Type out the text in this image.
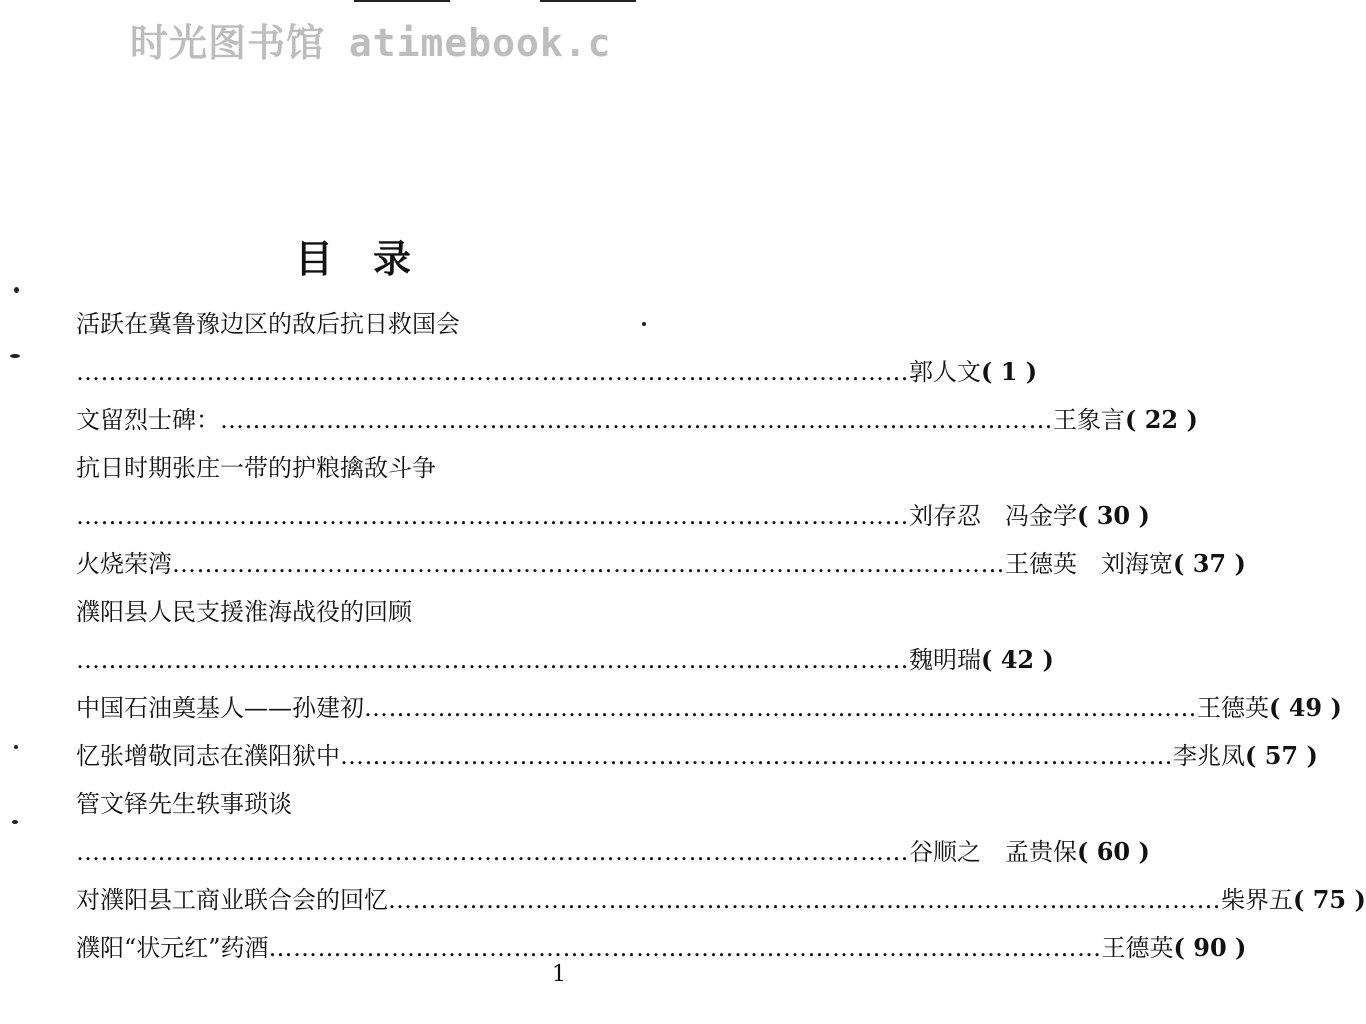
时光图书馆 atimebook.c
目录
活跃在冀鲁豫边区的敌后抗日救国会
………………………………………………………………………………………… 郭人文 ( 1 )
文留烈士碑： ………………………………………………………………………………………… 王象言 ( 22 )
抗日时期张庄一带的护粮擒敌斗争
………………………………………………………………………………………… 刘存忍　冯金学 ( 30 )
火烧荣湾 ………………………………………………………………………………………… 王德英　刘海宽 ( 37 )
濮阳县人民支援淮海战役的回顾
………………………………………………………………………………………… 魏明瑞 ( 42 )
中国石油奠基人——孙建初 ………………………………………………………………………………………… 王德英 ( 49 )
忆张增敬同志在濮阳狱中 ………………………………………………………………………………………… 李兆凤 ( 57 )
管文铎先生轶事琐谈
………………………………………………………………………………………… 谷顺之　孟贵保 ( 60 )
对濮阳县工商业联合会的回忆 ………………………………………………………………………………………… 柴界五 ( 75 )
濮阳“状元红”药酒 ………………………………………………………………………………………… 王德英 ( 90 )
1
